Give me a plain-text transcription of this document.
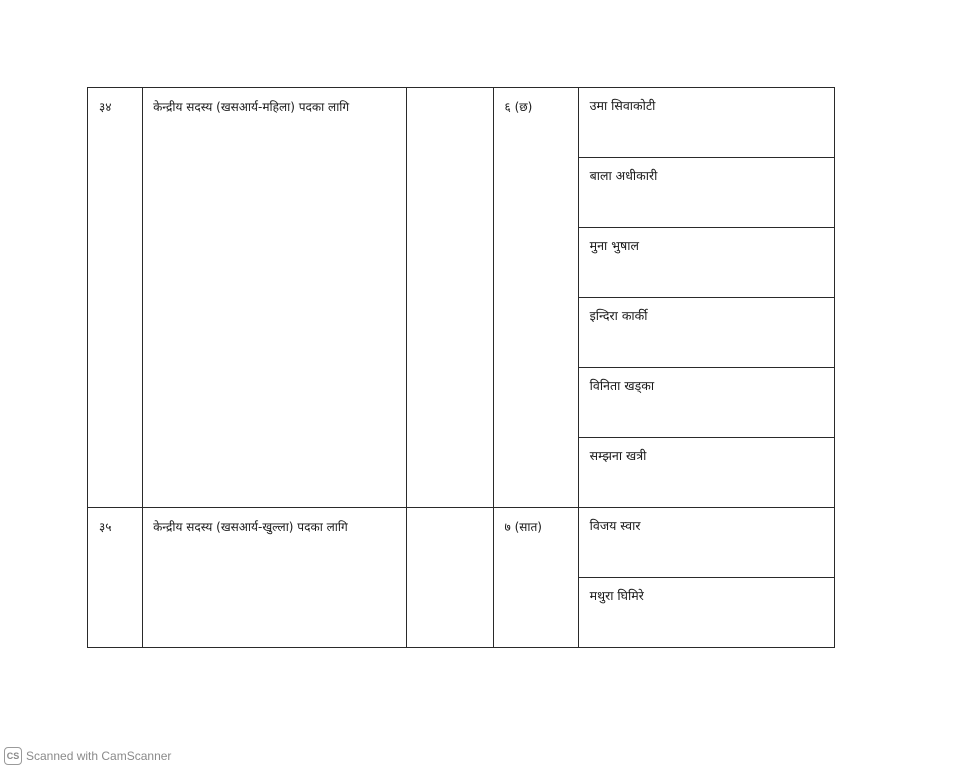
३४	केन्द्रीय सदस्य (खसआर्य-महिला) पदका लागि		६ (छ)	उमा सिवाकोटी

				बाला अधीकारी

				मुना भुषाल

				इन्दिरा कार्की

				विनिता खड्का

				सम्झना खत्री

३५	केन्द्रीय सदस्य (खसआर्य-खुल्ला) पदका लागि		७ (सात)	विजय स्वार

				मथुरा घिमिरे
CS Scanned with CamScanner
